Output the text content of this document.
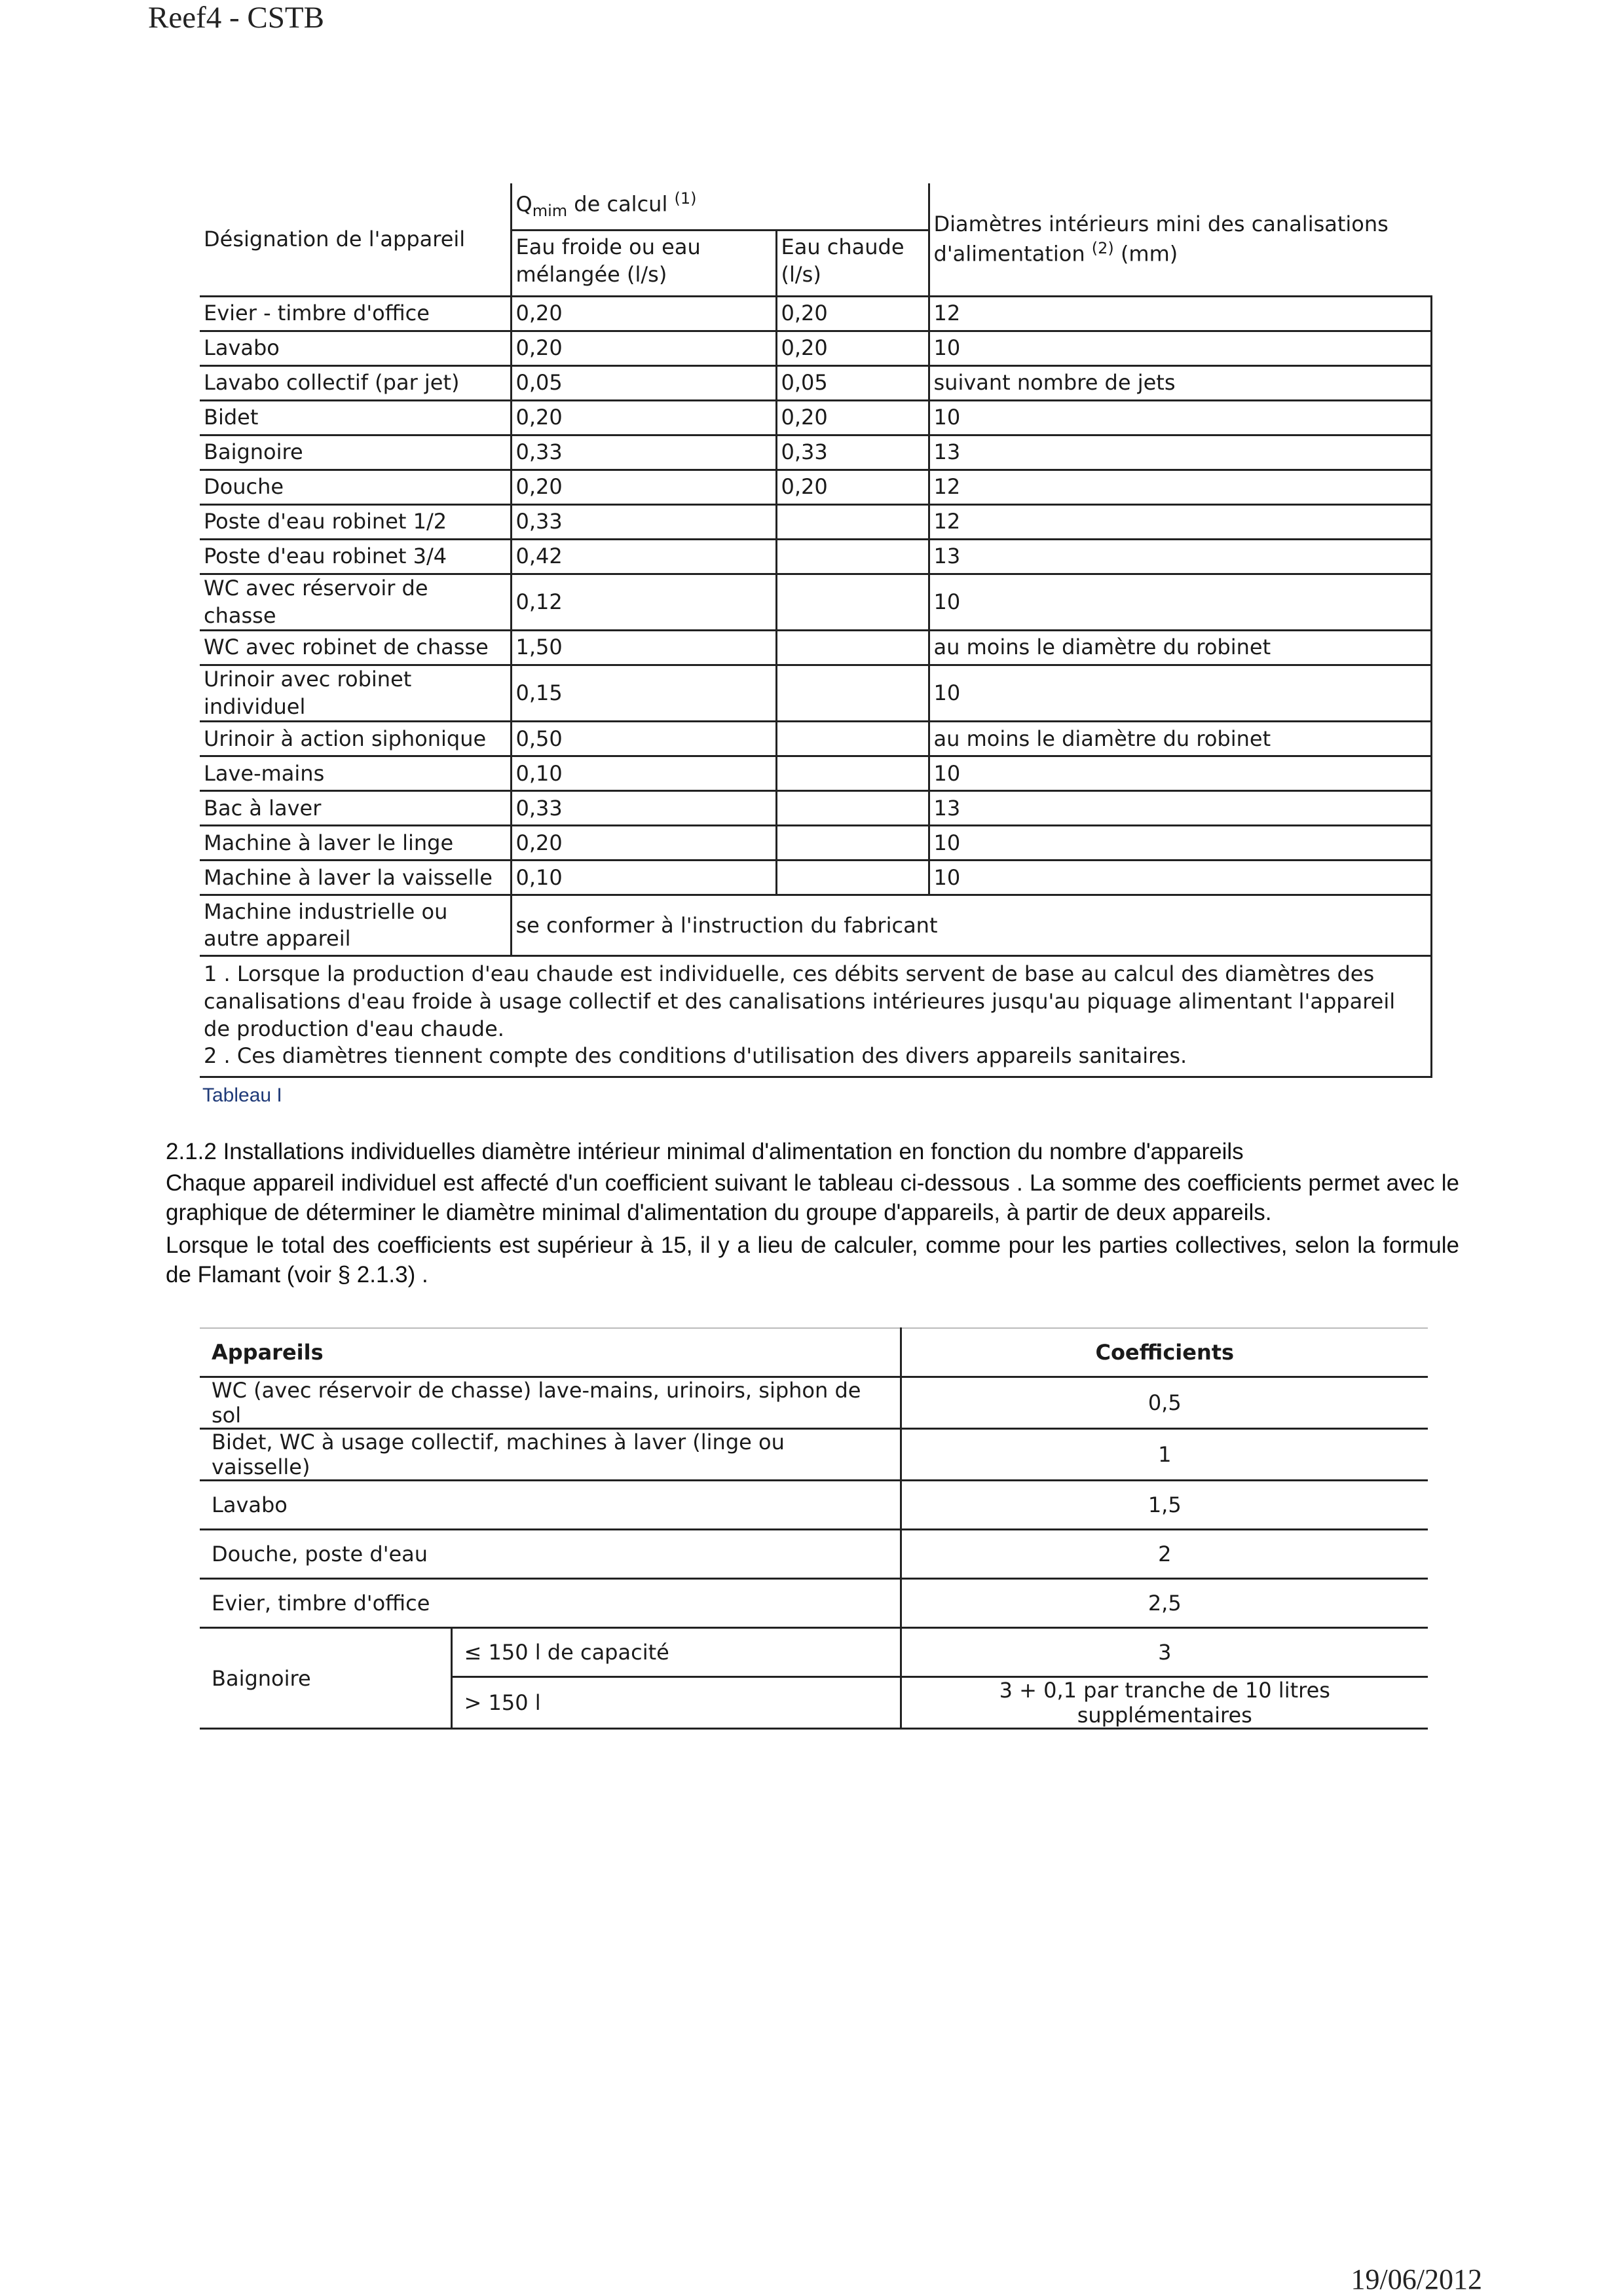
Reef4 - CSTB
Désignation de l'appareil	$Q_{mim}$ de calcul $^{(1)}$		Diamètres intérieurs mini des canalisations d'alimentation $^{(2)}$ (mm)
	Eau froide ou eau mélangée (l/s)	Eau chaude (l/s)	
Evier - timbre d'office	0,20	0,20	12
Lavabo	0,20	0,20	10
Lavabo collectif (par jet)	0,05	0,05	suivant nombre de jets
Bidet	0,20	0,20	10
Baignoire	0,33	0,33	13
Douche	0,20	0,20	12
Poste d'eau robinet 1/2	0,33		12
Poste d'eau robinet 3/4	0,42		13
WC avec réservoir de chasse	0,12		10
WC avec robinet de chasse	1,50		au moins le diamètre du robinet
Urinoir avec robinet individuel	0,15		10
Urinoir à action siphonique	0,50		au moins le diamètre du robinet
Lave-mains	0,10		10
Bac à laver	0,33		13
Machine à laver le linge	0,20		10
Machine à laver la vaisselle	0,10		10
Machine industrielle ou autre appareil	se conformer à l'instruction du fabricant		

1 . Lorsque la production d'eau chaude est individuelle, ces débits servent de base au calcul des diamètres des canalisations d'eau froide à usage collectif et des canalisations intérieures jusqu'au piquage alimentant l'appareil de production d'eau chaude.
2 . Ces diamètres tiennent compte des conditions d'utilisation des divers appareils sanitaires.			
Tableau I
2.1.2 Installations individuelles diamètre intérieur minimal d'alimentation en fonction du nombre d'appareils
Chaque appareil individuel est affecté d'un coefficient suivant le tableau ci-dessous . La somme des coefficients permet avec le graphique de déterminer le diamètre minimal d'alimentation du groupe d'appareils, à partir de deux appareils.
Lorsque le total des coefficients est supérieur à 15, il y a lieu de calculer, comme pour les parties collectives, selon la formule de Flamant (voir § 2.1.3) .
Appareils		Coefficients
WC (avec réservoir de chasse) lave-mains, urinoirs, siphon de sol		0,5
Bidet, WC à usage collectif, machines à laver (linge ou vaisselle)		1
Lavabo		1,5
Douche, poste d'eau		2
Evier, timbre d'office		2,5
Baignoire	≤ 150 l de capacité	3
	> 150 l	3 + 0,1 par tranche de 10 litres supplémentaires
19/06/2012
